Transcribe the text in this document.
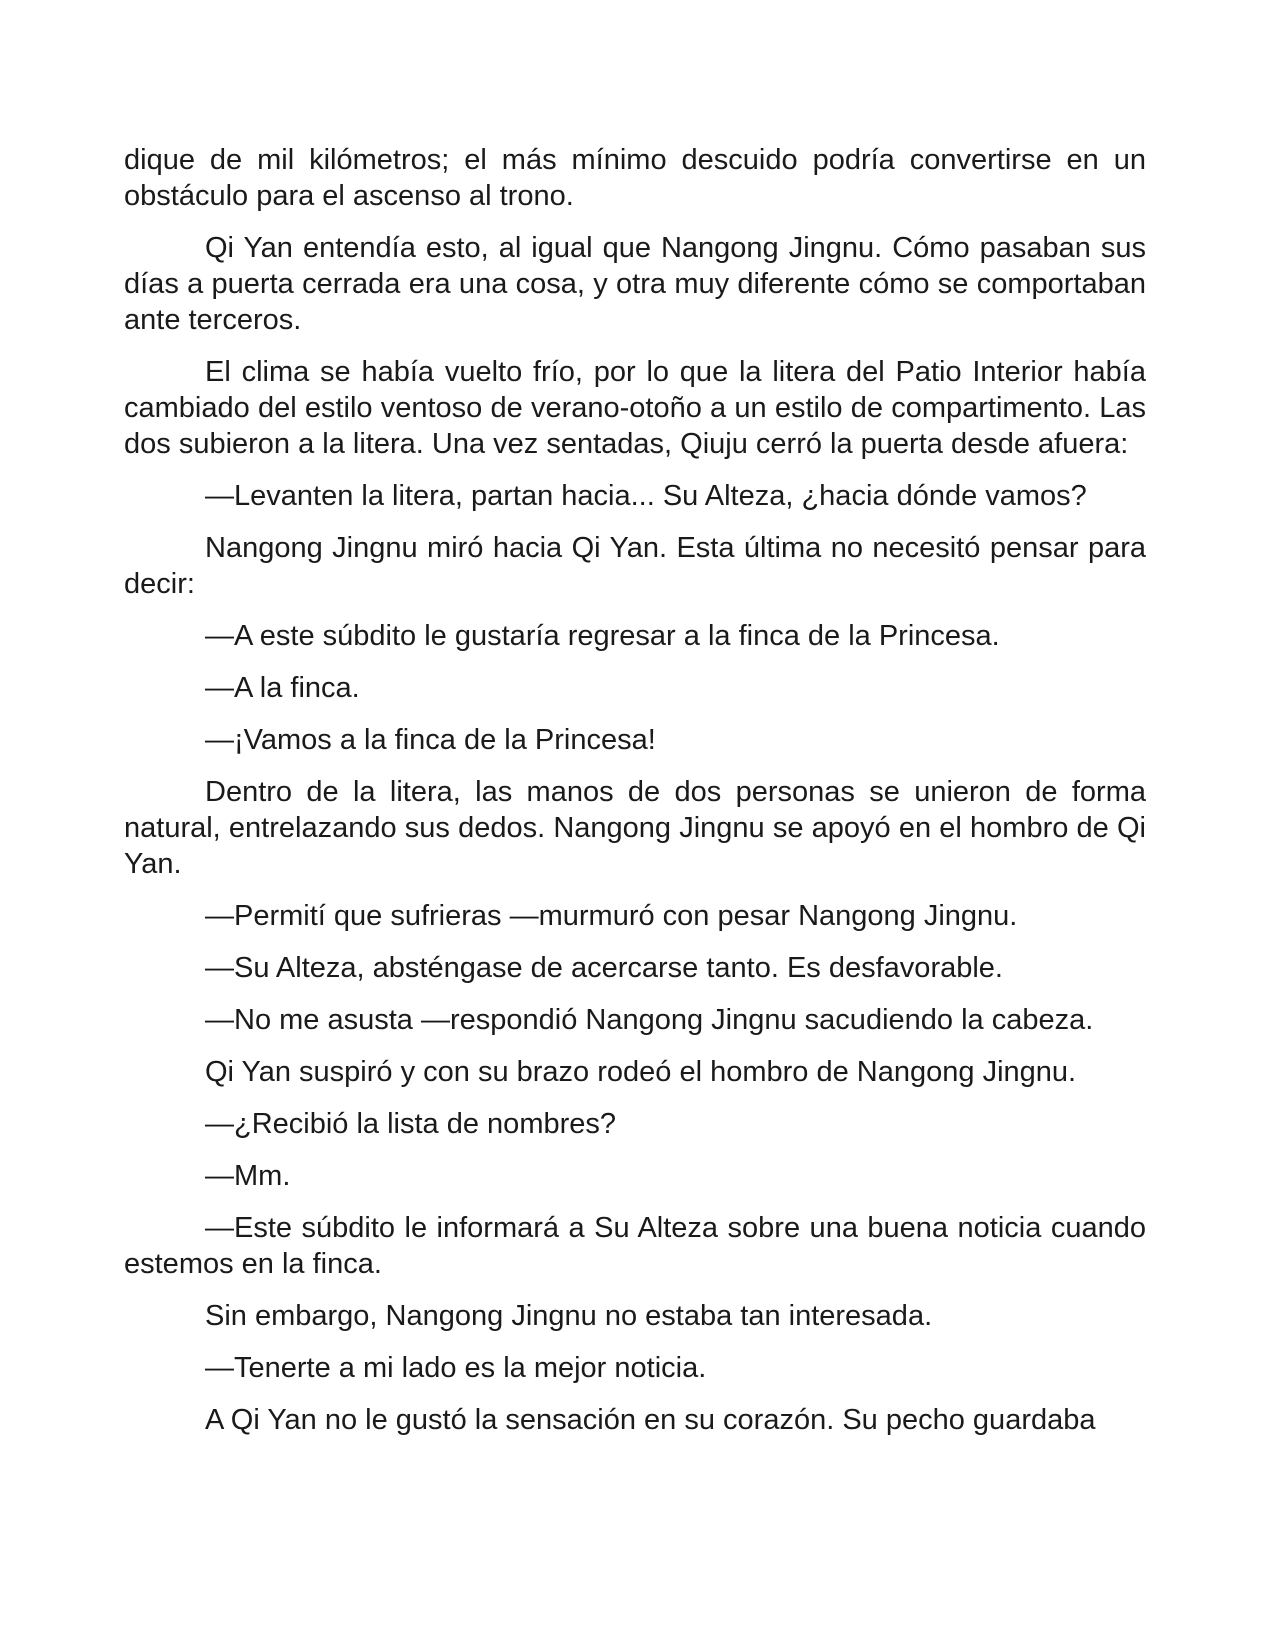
dique de mil kilómetros; el más mínimo descuido podría convertirse en un obstáculo para el ascenso al trono.

Qi Yan entendía esto, al igual que Nangong Jingnu. Cómo pasaban sus días a puerta cerrada era una cosa, y otra muy diferente cómo se comportaban ante terceros.

El clima se había vuelto frío, por lo que la litera del Patio Interior había cambiado del estilo ventoso de verano-otoño a un estilo de compartimento. Las dos subieron a la litera. Una vez sentadas, Qiuju cerró la puerta desde afuera:

—Levanten la litera, partan hacia... Su Alteza, ¿hacia dónde vamos?

Nangong Jingnu miró hacia Qi Yan. Esta última no necesitó pensar para decir:

—A este súbdito le gustaría regresar a la finca de la Princesa.

—A la finca.

—¡Vamos a la finca de la Princesa!

Dentro de la litera, las manos de dos personas se unieron de forma natural, entrelazando sus dedos. Nangong Jingnu se apoyó en el hombro de Qi Yan.

—Permití que sufrieras —murmuró con pesar Nangong Jingnu.

—Su Alteza, absténgase de acercarse tanto. Es desfavorable.

—No me asusta —respondió Nangong Jingnu sacudiendo la cabeza.

Qi Yan suspiró y con su brazo rodeó el hombro de Nangong Jingnu.

—¿Recibió la lista de nombres?

—Mm.

—Este súbdito le informará a Su Alteza sobre una buena noticia cuando estemos en la finca.

Sin embargo, Nangong Jingnu no estaba tan interesada.

—Tenerte a mi lado es la mejor noticia.

A Qi Yan no le gustó la sensación en su corazón. Su pecho guardaba
